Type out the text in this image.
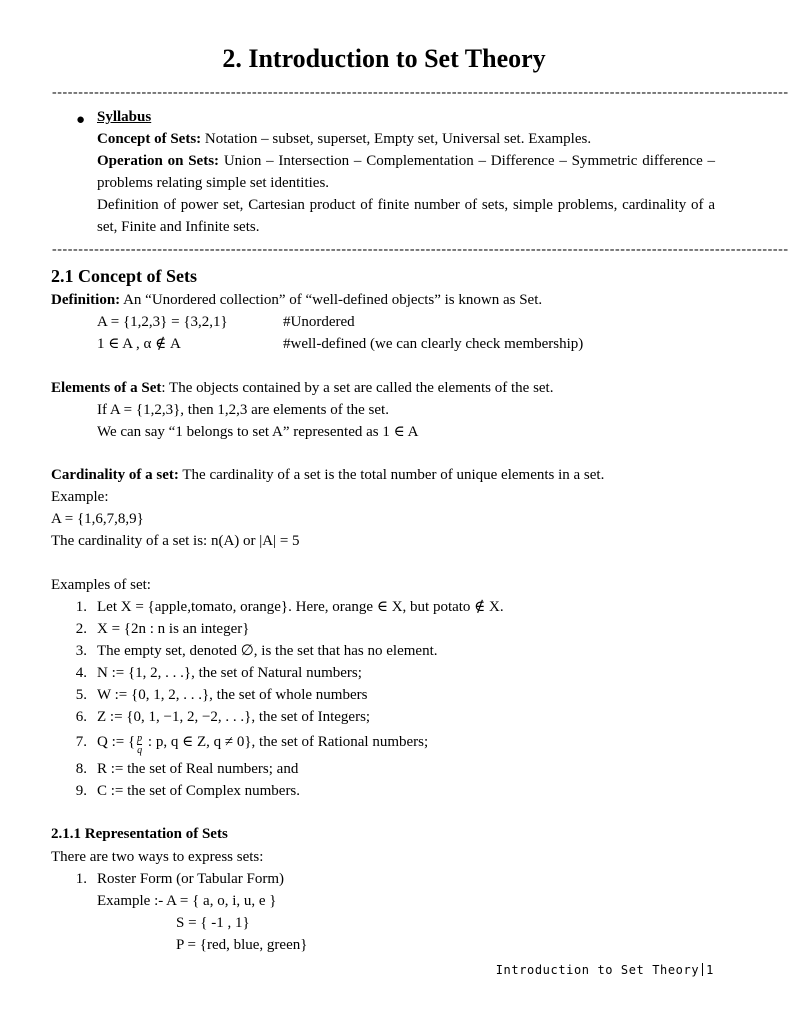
2. Introduction to Set Theory
--------------------------------------------------------------------------------------------------------------------------------------------
● Syllabus
Concept of Sets: Notation – subset, superset, Empty set, Universal set. Examples.
Operation on Sets: Union – Intersection – Complementation – Difference – Symmetric difference – problems relating simple set identities.
Definition of power set, Cartesian product of finite number of sets, simple problems, cardinality of a set, Finite and Infinite sets.
--------------------------------------------------------------------------------------------------------------------------------------------
2.1 Concept of Sets
Definition: An “Unordered collection” of “well-defined objects” is known as Set.
A = {1,2,3} = {3,2,1}	#Unordered
1 ∈ A , α ∉ A	#well-defined (we can clearly check membership)
Elements of a Set: The objects contained by a set are called the elements of the set.
If A = {1,2,3}, then 1,2,3 are elements of the set.
We can say “1 belongs to set A” represented as 1 ∈ A
Cardinality of a set: The cardinality of a set is the total number of unique elements in a set.
Example:
A = {1,6,7,8,9}
The cardinality of a set is: n(A) or |A| = 5
Examples of set:
1. Let X = {apple,tomato, orange}. Here, orange ∈ X, but potato ∉ X.
2. X = {2n : n is an integer}
3. The empty set, denoted ∅, is the set that has no element.
4. N := {1, 2, . . .}, the set of Natural numbers;
5. W := {0, 1, 2, . . .}, the set of whole numbers
6. Z := {0, 1, −1, 2, −2, . . .}, the set of Integers;
7. Q := { $\frac{p}{q}$ : p, q ∈ Z, q ≠ 0}, the set of Rational numbers;
8. R := the set of Real numbers; and
9. C := the set of Complex numbers.
2.1.1 Representation of Sets
There are two ways to express sets:
1. Roster Form (or Tabular Form)
Example :- A = { a, o, i, u, e }
S = { -1 , 1}
P = {red, blue, green}
Introduction to Set Theory 1
